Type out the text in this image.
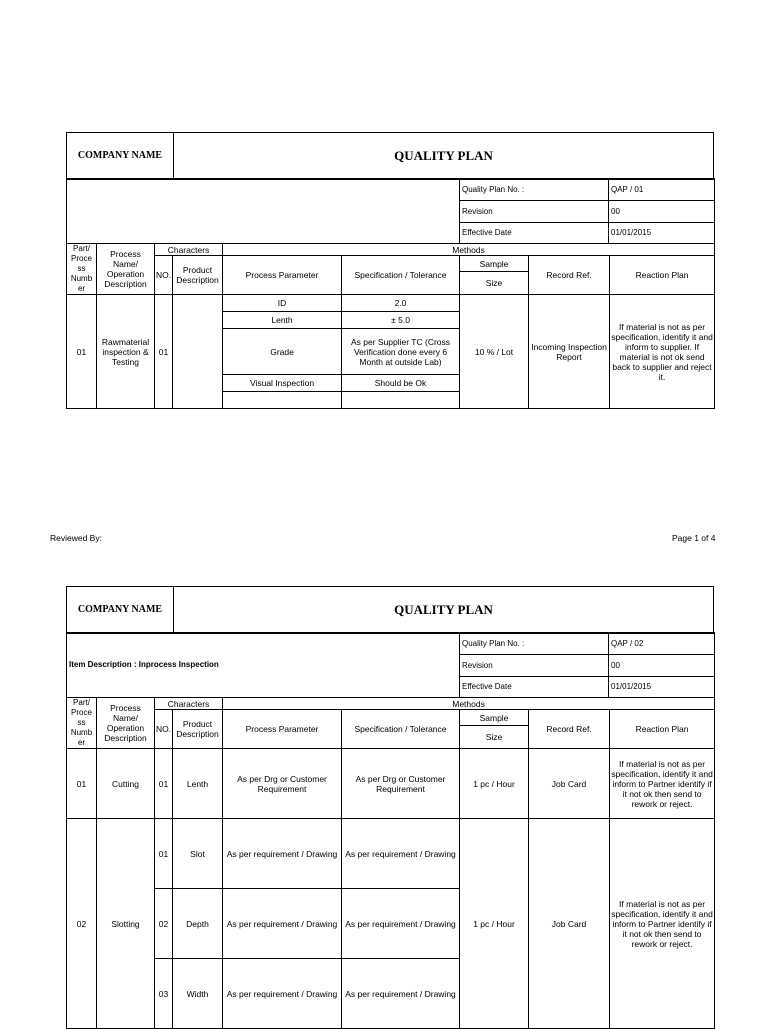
COMPANY NAME	QUALITY PLAN
	Quality Plan No. :	QAP / 01
	Revision	00
	Effective Date	01/01/2015
Part/ Proce ss Numb er	Process Name/ Operation Description	Characters		Methods				
		NO.	Product Description	Process Parameter	Specification / Tolerance	Sample	Record Ref.	Reaction Plan
						Size		
01	Rawmaterial inspection & Testing	01		ID	2.0	10 % / Lot	Incoming Inspection Report	If material is not as per specification, identify it and inform to supplier. If material is not ok send back to supplier and reject it.
				Lenth	± 5.0			
				Grade	As per Supplier TC (Cross Verification done every 6 Month at outside Lab)			
				Visual Inspection	Should be Ok			

Reviewed By:	Page 1 of 4
COMPANY NAME	QUALITY PLAN
Item Description : Inprocess Inspection	Quality Plan No. :	QAP / 02
	Revision	00
	Effective Date	01/01/2015
Part/ Proce ss Numb er	Process Name/ Operation Description	Characters		Methods				
		NO.	Product Description	Process Parameter	Specification / Tolerance	Sample	Record Ref.	Reaction Plan
						Size		
01	Cutting	01	Lenth	As per Drg or Customer Requirement	As per Drg or Customer Requirement	1 pc / Hour	Job Card	If material is not as per specification, identify it and inform to Partner identify if it not ok then send to rework or reject.
02	Slotting	01	Slot	As per requirement / Drawing	As per requirement / Drawing	1 pc / Hour	Job Card	If material is not as per specification, identify it and inform to Partner identify if it not ok then send to rework or reject.
		02	Depth	As per requirement / Drawing	As per requirement / Drawing			
		03	Width	As per requirement / Drawing	As per requirement / Drawing			
